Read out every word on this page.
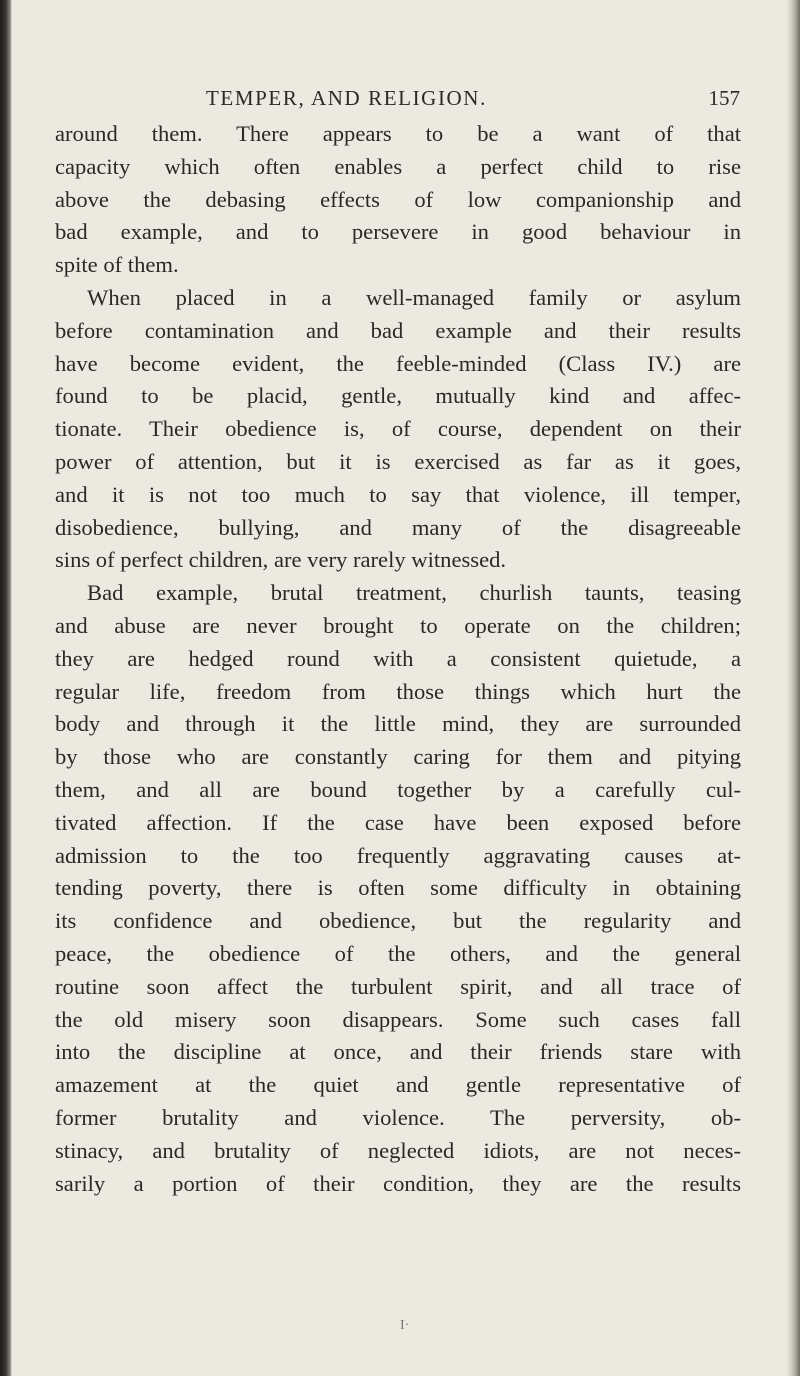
TEMPER, AND RELIGION.	157
around them. There appears to be a want of that
capacity which often enables a perfect child to rise
above the debasing effects of low companionship and
bad example, and to persevere in good behaviour in
spite of them.
When placed in a well-managed family or asylum
before contamination and bad example and their results
have become evident, the feeble-minded (Class IV.) are
found to be placid, gentle, mutually kind and affec-
tionate. Their obedience is, of course, dependent on their
power of attention, but it is exercised as far as it goes,
and it is not too much to say that violence, ill temper,
disobedience, bullying, and many of the disagreeable
sins of perfect children, are very rarely witnessed.
Bad example, brutal treatment, churlish taunts, teasing
and abuse are never brought to operate on the children;
they are hedged round with a consistent quietude, a
regular life, freedom from those things which hurt the
body and through it the little mind, they are surrounded
by those who are constantly caring for them and pitying
them, and all are bound together by a carefully cul-
tivated affection. If the case have been exposed before
admission to the too frequently aggravating causes at-
tending poverty, there is often some difficulty in obtaining
its confidence and obedience, but the regularity and
peace, the obedience of the others, and the general
routine soon affect the turbulent spirit, and all trace of
the old misery soon disappears. Some such cases fall
into the discipline at once, and their friends stare with
amazement at the quiet and gentle representative of
former brutality and violence. The perversity, ob-
stinacy, and brutality of neglected idiots, are not neces-
sarily a portion of their condition, they are the results
I·
